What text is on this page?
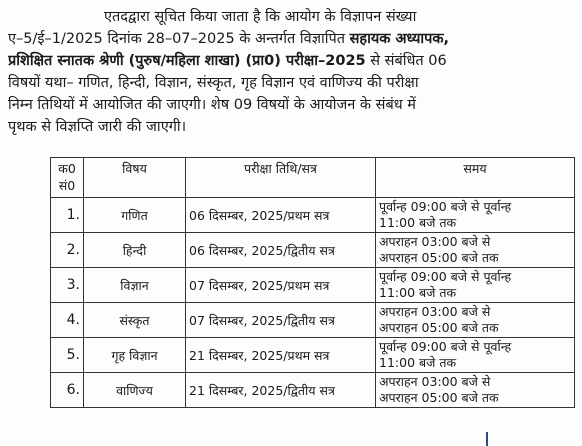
एतदद्वारा सूचित किया जाता है कि आयोग के विज्ञापन संख्या
ए–5/ई–1/2025 दिनांक 28–07–2025 के अन्तर्गत विज्ञापित सहायक अध्यापक,
प्रशिक्षित स्नातक श्रेणी (पुरुष/महिला शाखा) (प्रा0) परीक्षा–2025 से संबंधित 06
विषयों यथा– गणित, हिन्दी, विज्ञान, संस्कृत, गृह विज्ञान एवं वाणिज्य की परीक्षा
निम्न तिथियों में आयोजित की जाएगी। शेष 09 विषयों के आयोजन के संबंध में
पृथक से विज्ञप्ति जारी की जाएगी।
क0
सं0	विषय	परीक्षा तिथि/सत्र	समय
1.	गणित	06 दिसम्बर, 2025/प्रथम सत्र	पूर्वान्ह 09:00 बजे से पूर्वान्ह
11:00 बजे तक

2.	हिन्दी	06 दिसम्बर, 2025/द्वितीय सत्र	अपराहन 03:00 बजे से
अपराहन 05:00 बजे तक

3.	विज्ञान	07 दिसम्बर, 2025/प्रथम सत्र	पूर्वान्ह 09:00 बजे से पूर्वान्ह
11:00 बजे तक

4.	संस्कृत	07 दिसम्बर, 2025/द्वितीय सत्र	अपराहन 03:00 बजे से
अपराहन 05:00 बजे तक

5.	गृह विज्ञान	21 दिसम्बर, 2025/प्रथम सत्र	पूर्वान्ह 09:00 बजे से पूर्वान्ह
11:00 बजे तक

6.	वाणिज्य	21 दिसम्बर, 2025/द्वितीय सत्र	अपराहन 03:00 बजे से
अपराहन 05:00 बजे तक
